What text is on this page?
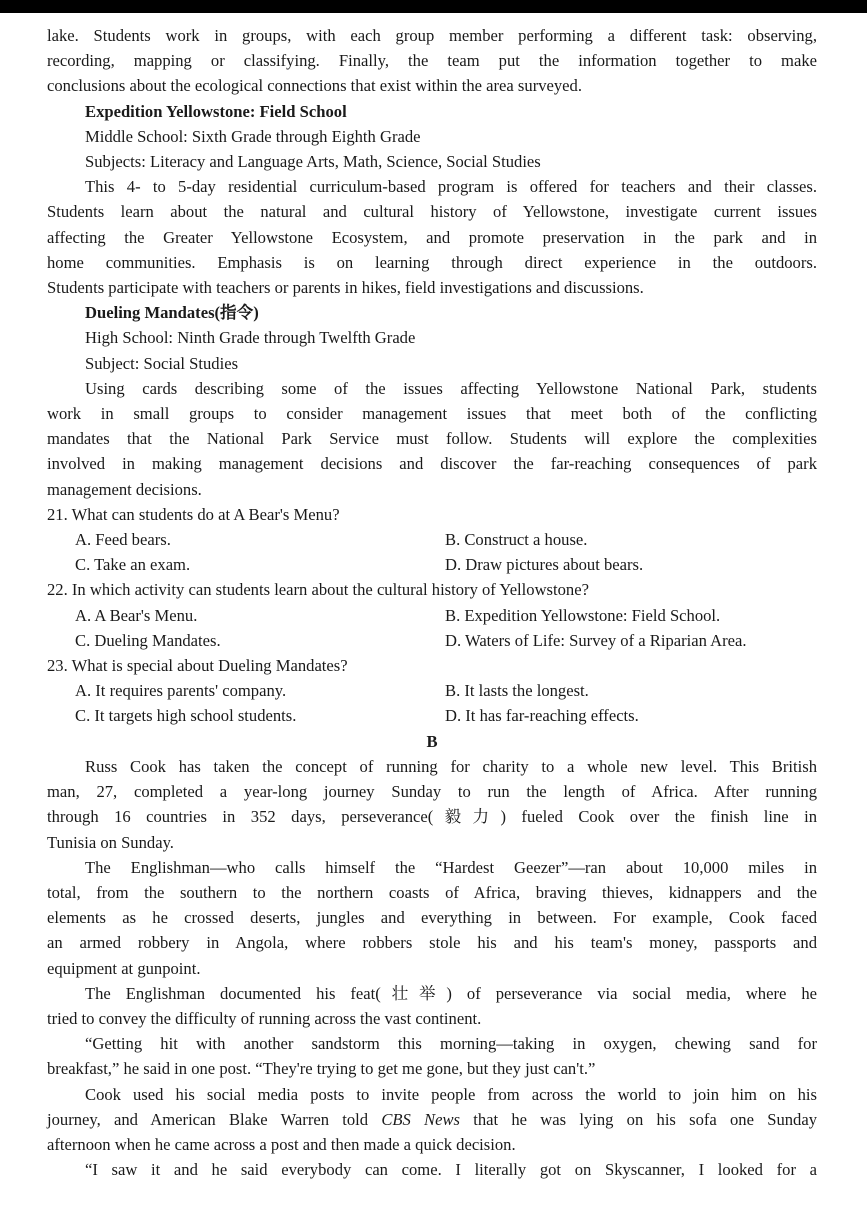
lake. Students work in groups, with each group member performing a different task: observing,

recording, mapping or classifying. Finally, the team put the information together to make

conclusions about the ecological connections that exist within the area surveyed.

Expedition Yellowstone: Field School

Middle School: Sixth Grade through Eighth Grade

Subjects: Literacy and Language Arts, Math, Science, Social Studies

This 4- to 5-day residential curriculum-based program is offered for teachers and their classes.

Students learn about the natural and cultural history of Yellowstone, investigate current issues

affecting the Greater Yellowstone Ecosystem, and promote preservation in the park and in

home communities. Emphasis is on learning through direct experience in the outdoors.

Students participate with teachers or parents in hikes, field investigations and discussions.

Dueling Mandates(指令)

High School: Ninth Grade through Twelfth Grade

Subject: Social Studies

Using cards describing some of the issues affecting Yellowstone National Park, students

work in small groups to consider management issues that meet both of the conflicting

mandates that the National Park Service must follow. Students will explore the complexities

involved in making management decisions and discover the far-reaching consequences of park

management decisions.

21. What can students do at A Bear's Menu?

A. Feed bears.	B. Construct a house.
C. Take an exam.	D. Draw pictures about bears.

22. In which activity can students learn about the cultural history of Yellowstone?

A. A Bear's Menu.	B. Expedition Yellowstone: Field School.
C. Dueling Mandates.	D. Waters of Life: Survey of a Riparian Area.

23. What is special about Dueling Mandates?

A. It requires parents' company.	B. It lasts the longest.
C. It targets high school students.	D. It has far-reaching effects.

B

Russ Cook has taken the concept of running for charity to a whole new level. This British

man, 27, completed a year-long journey Sunday to run the length of Africa. After running

through 16 countries in 352 days, perseverance(毅力) fueled Cook over the finish line in

Tunisia on Sunday.

The Englishman—who calls himself the “Hardest Geezer”—ran about 10,000 miles in

total, from the southern to the northern coasts of Africa, braving thieves, kidnappers and the

elements as he crossed deserts, jungles and everything in between. For example, Cook faced

an armed robbery in Angola, where robbers stole his and his team's money, passports and

equipment at gunpoint.

The Englishman documented his feat(壮举) of perseverance via social media, where he

tried to convey the difficulty of running across the vast continent.

“Getting hit with another sandstorm this morning—taking in oxygen, chewing sand for

breakfast,” he said in one post. “They're trying to get me gone, but they just can't.”

Cook used his social media posts to invite people from across the world to join him on his

journey, and American Blake Warren told CBS News that he was lying on his sofa one Sunday

afternoon when he came across a post and then made a quick decision.

“I saw it and he said everybody can come. I literally got on Skyscanner, I looked for a
